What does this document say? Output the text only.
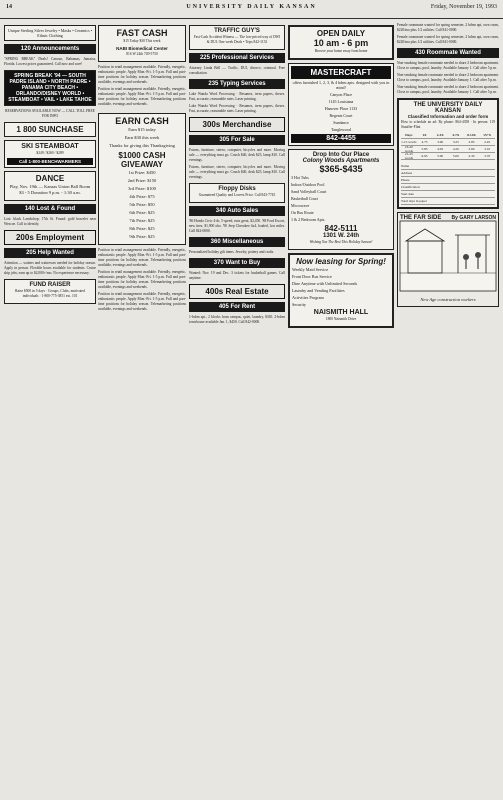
14	UNIVERSITY DAILY KANSAN	Friday, November 19, 1993
Unique Sterling Silver Jewelry • Masks • Ceramics • Ethnic Clothing
120 Announcements
"SPRING BREAK" Deals! Cancun, Bahamas, Jamaica, Florida. Lowest prices guaranteed. Call now and save!
SPRING BREAK '94 — SOUTH PADRE ISLAND • NORTH PADRE • PANAMA CITY BEACH • ORLANDO/DISNEY WORLD • STEAMBOAT • VAIL • LAKE TAHOE
RESERVATIONS AVAILABLE NOW — CALL TOLL FREE FOR INFO
1 800 SUNCHASE
SKI STEAMBOAT
$249 / $269 / $289
Call 1-800-BENCHWARMERS
DANCE
Play, Nov. 19th — Kansas Union Ball Room $3 - 5 Donation 9 p.m. - 1:30 a.m.
140 Lost & Found
Lost: black Lambchop; 17th St. Found: gold bracelet near Wescoe. Call to identify.
200s Employment
205 Help Wanted
Attention — waiters and waitresses needed for holiday season. Apply in person. Flexible hours available for students. Cruise ship jobs, earn up to $2,000+/mo. No experience necessary.
FUND RAISER
Raise $500 in 5 days · Groups, Clubs, motivated individuals · 1-800-775-3851 ext. 101
FAST CASH
$15 Today $30 This week
NABI Biomedical Center
816 W 24th 749-5750
Position in retail management available. Friendly, energetic, enthusiastic people. Apply Mon.-Fri. 1-5 p.m. Full and part-time positions for holiday season. Telemarketing positions available, evenings and weekends.
Position in retail management available. Friendly, energetic, enthusiastic people. Apply Mon.-Fri. 1-5 p.m. Full and part-time positions for holiday season. Telemarketing positions available, evenings and weekends.
EARN CASH
Earn $15 today
Earn $30 this week
Thanks for giving this Thanksgiving
$1000 CASH GIVEAWAY
1st Prize: $450
2nd Prize: $150
3rd Prize: $100
4th Prize: $75
5th Prize: $50
6th Prize: $25
7th Prize: $25
8th Prize: $25
9th Prize: $25
Position in retail management available. Friendly, energetic, enthusiastic people. Apply Mon.-Fri. 1-5 p.m. Full and part-time positions for holiday season. Telemarketing positions available, evenings and weekends.
Position in retail management available. Friendly, energetic, enthusiastic people. Apply Mon.-Fri. 1-5 p.m. Full and part-time positions for holiday season. Telemarketing positions available, evenings and weekends.
Position in retail management available. Friendly, energetic, enthusiastic people. Apply Mon.-Fri. 1-5 p.m. Full and part-time positions for holiday season. Telemarketing positions available, evenings and weekends.
TRAFFIC GUY'S
Fast-Cash Accident Witness — The low-priced way of DWI & DUI. One week Deals • Trips 842-1133
225 Professional Services
Attorney Linda Bell — Traffic, DUI, divorce, criminal. Free consultation.
235 Typing Services
Lake Wanda Word Processing · Resumes, term papers, theses. Fast, accurate, reasonable rates. Laser printing.
Lake Wanda Word Processing · Resumes, term papers, theses. Fast, accurate, reasonable rates. Laser printing.
300s Merchandise
305 For Sale
Futons, furniture, stereo, computer, bicycles and more. Moving sale — everything must go. Couch $40, desk $25, lamp $10. Call evenings.
Futons, furniture, stereo, computer, bicycles and more. Moving sale — everything must go. Couch $40, desk $25, lamp $10. Call evenings.
Floppy Disks
Guaranteed Quality and Lowest Price. Call 843-7745
340 Auto Sales
'86 Honda Civic 4-dr, 5-speed, runs great, $2,450. '88 Ford Escort, new tires, $1,900 obo. '90 Jeep Cherokee 4x4, loaded, low miles. Call 842-0000.
360 Miscellaneous
Personalized holiday gift items. Jewelry, pottery and crafts.
370 Want to Buy
Wanted: Nov. 19 and Dec. 3 tickets for basketball games. Call anytime.
400s Real Estate
405 For Rent
1-bdrm apt., 2 blocks from campus, quiet, laundry, $365. 2-bdrm townhouse available Jan. 1, $450. Call 842-0000.
OPEN DAILY
10 am - 6 pm
Browse your home away from home
MASTERCRAFT
offers furnished 1, 2, 3, & 4 bdrm apts. designed with you in mind!
Canyon Place
1145 Louisiana
Hanover Place 1133
Regents Court
Sundance
Tanglewood
842-4455
Drop Into Our Place
Colony Woods Apartments
$365-$435
3 Hot Tubs
Indoor/Outdoor Pool
Sand Volleyball Court
Basketball Court
Microwave
On Bus Route
1 & 2 Bedroom Apts.
842-5111
1301 W. 24th
Wishing You The Best This Holiday Season!
Now leasing for Spring!
Weekly Maid Service
Front Door Bus Service
Dine Anytime with Unlimited Seconds
Laundry and Vending Facilities
Activities Program
Security
NAISMITH HALL
1800 Naismith Drive
Female roommate wanted for spring semester, 2 bdrm apt, own room, $220/mo plus 1/2 utilities. Call 841-0000.
Female roommate wanted for spring semester, 2 bdrm apt, own room, $220/mo plus 1/2 utilities. Call 841-0000.
430 Roommate Wanted
Non-smoking female roommate needed to share 2 bedroom apartment. Close to campus, pool, laundry. Available January 1. Call after 5 p.m.
Non-smoking female roommate needed to share 2 bedroom apartment. Close to campus, pool, laundry. Available January 1. Call after 5 p.m.
Non-smoking female roommate needed to share 2 bedroom apartment. Close to campus, pool, laundry. Available January 1. Call after 5 p.m.
THE UNIVERSITY DAILY KANSAN
Classified Information and order form
How to schedule an ad: By phone: 864-4358 · In person: 119 Stauffer-Flint
Days	1X	2-3X	4-7X	8-14X	15+X
1-15 words	4.75	3.90	3.25	2.85	2.45
16-20 words	5.85	4.95	4.20	3.60	3.10
21-25 words	6.95	5.90	5.00	4.30	3.70
Name
Address
Phone
Classification
Start date
Total days in paper
THE FAR SIDE By GARY LARSON
New Age construction workers
